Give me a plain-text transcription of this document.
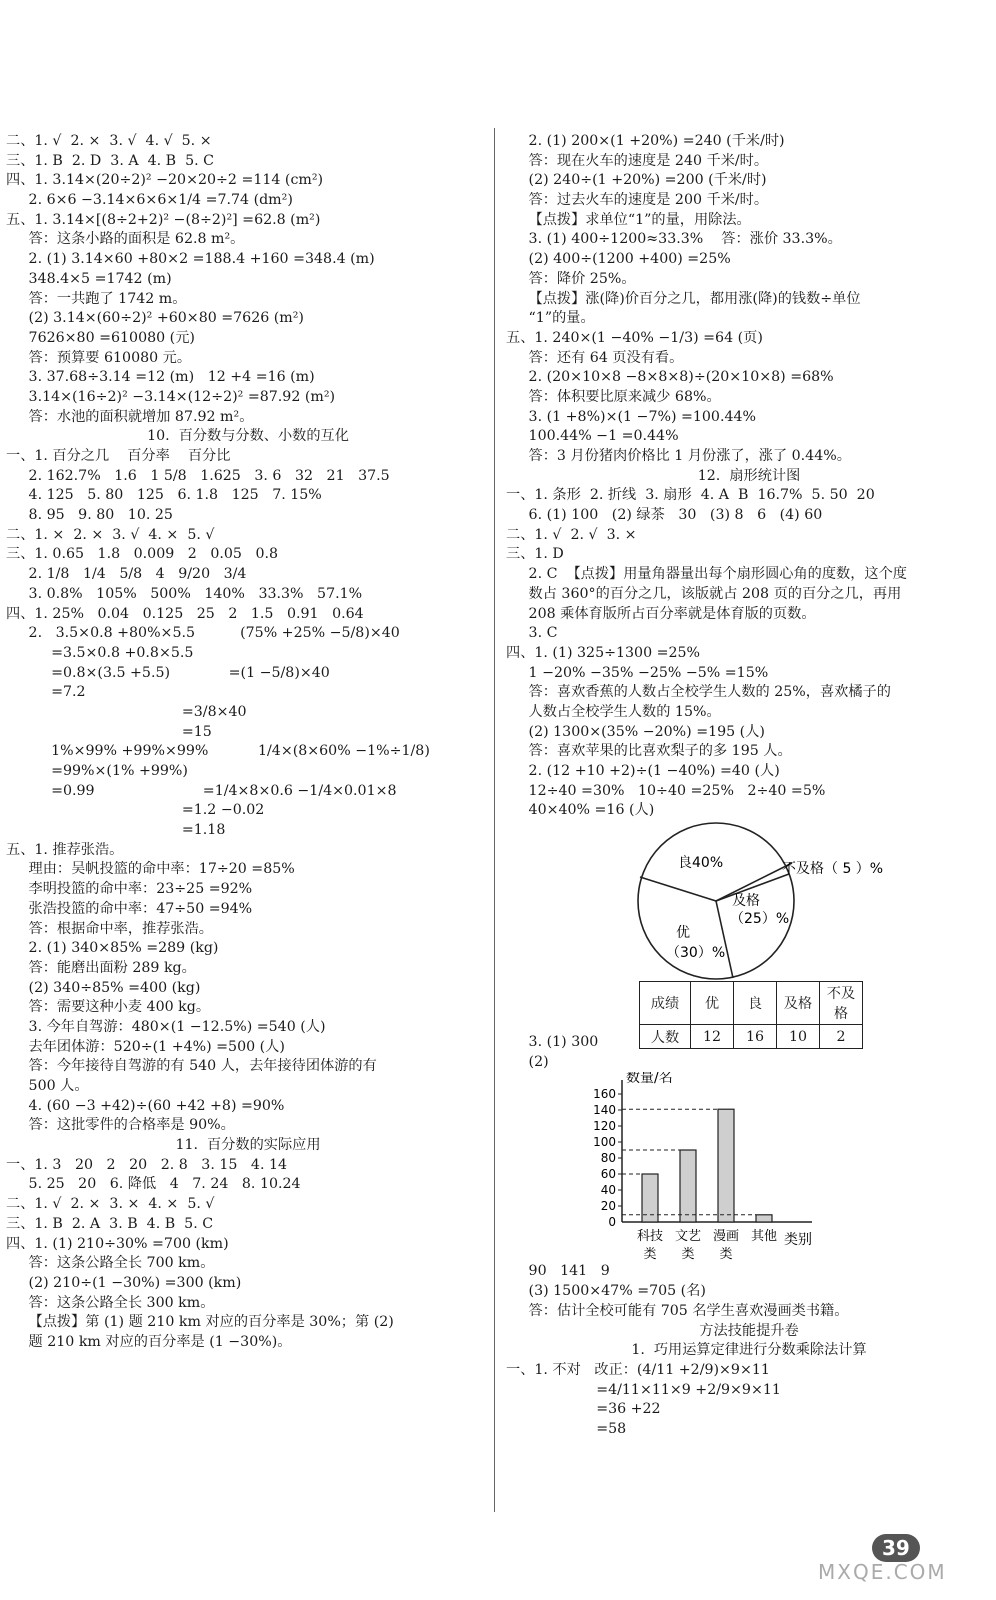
二、1. √  2. ×  3. √  4. √  5. ×
三、1. B  2. D  3. A  4. B  5. C
四、1. 3.14×(20÷2)² −20×20÷2 =114 (cm²)
2. 6×6 −3.14×6×6×1/4 =7.74 (dm²)
五、1. 3.14×[(8÷2+2)² −(8÷2)²] =62.8 (m²)
答：这条小路的面积是 62.8 m²。
2. (1) 3.14×60 +80×2 =188.4 +160 =348.4 (m)
348.4×5 =1742 (m)
答：一共跑了 1742 m。
(2) 3.14×(60÷2)² +60×80 =7626 (m²)
7626×80 =610080 (元)
答：预算要 610080 元。
3. 37.68÷3.14 =12 (m)   12 +4 =16 (m)
3.14×(16÷2)² −3.14×(12÷2)² =87.92 (m²)
答：水池的面积就增加 87.92 m²。
10.  百分数与分数、小数的互化
一、1. 百分之几    百分率    百分比
2. 162.7%   1.6   1 5/8   1.625   3. 6   32   21   37.5
4. 125   5. 80   125   6. 1.8   125   7. 15%
8. 95   9. 80   10. 25
二、1. ×  2. ×  3. √  4. ×  5. √
三、1. 0.65   1.8   0.009   2   0.05   0.8
2. 1/8   1/4   5/8   4   9/20   3/4
3. 0.8%   105%   500%   140%   33.3%   57.1%
四、1. 25%   0.04   0.125   25   2   1.5   0.91   0.64
2.   3.5×0.8 +80%×5.5          (75% +25% −5/8)×40
=3.5×0.8 +0.8×5.5
=0.8×(3.5 +5.5)             =(1 −5/8)×40
=7.2
=3/8×40
=15
1%×99% +99%×99%           1/4×(8×60% −1%÷1/8)
=99%×(1% +99%)
=0.99                        =1/4×8×0.6 −1/4×0.01×8
=1.2 −0.02
=1.18
五、1. 推荐张浩。
理由：吴帆投篮的命中率：17÷20 =85%
李明投篮的命中率：23÷25 =92%
张浩投篮的命中率：47÷50 =94%
答：根据命中率，推荐张浩。
2. (1) 340×85% =289 (kg)
答：能磨出面粉 289 kg。
(2) 340÷85% =400 (kg)
答：需要这种小麦 400 kg。
3. 今年自驾游：480×(1 −12.5%) =540 (人)
去年团体游：520÷(1 +4%) =500 (人)
答：今年接待自驾游的有 540 人，去年接待团体游的有
500 人。
4. (60 −3 +42)÷(60 +42 +8) =90%
答：这批零件的合格率是 90%。
11.  百分数的实际应用
一、1. 3   20   2   20   2. 8   3. 15   4. 14
5. 25   20   6. 降低   4   7. 24   8. 10.24
二、1. √  2. ×  3. ×  4. ×  5. √
三、1. B  2. A  3. B  4. B  5. C
四、1. (1) 210÷30% =700 (km)
答：这条公路全长 700 km。
(2) 210÷(1 −30%) =300 (km)
答：这条公路全长 300 km。
【点拨】第 (1) 题 210 km 对应的百分率是 30%；第 (2)
题 210 km 对应的百分率是 (1 −30%)。
2. (1) 200×(1 +20%) =240 (千米/时)
答：现在火车的速度是 240 千米/时。
(2) 240÷(1 +20%) =200 (千米/时)
答：过去火车的速度是 200 千米/时。
【点拨】求单位“1”的量，用除法。
3. (1) 400÷1200≈33.3%    答：涨价 33.3%。
(2) 400÷(1200 +400) =25%
答：降价 25%。
【点拨】涨(降)价百分之几，都用涨(降)的钱数÷单位
“1”的量。
五、1. 240×(1 −40% −1/3) =64 (页)
答：还有 64 页没有看。
2. (20×10×8 −8×8×8)÷(20×10×8) =68%
答：体积要比原来减少 68%。
3. (1 +8%)×(1 −7%) =100.44%
100.44% −1 =0.44%
答：3 月份猪肉价格比 1 月份涨了，涨了 0.44%。
12.  扇形统计图
一、1. 条形  2. 折线  3. 扇形  4. A  B  16.7%  5. 50  20
6. (1) 100   (2) 绿茶   30   (3) 8   6   (4) 60
二、1. √  2. √  3. ×
三、1. D
2. C  【点拨】用量角器量出每个扇形圆心角的度数，这个度
数占 360°的百分之几，该版就占 208 页的百分之几，再用
208 乘体育版所占百分率就是体育版的页数。
3. C
四、1. (1) 325÷1300 =25%
1 −20% −35% −25% −5% =15%
答：喜欢香蕉的人数占全校学生人数的 25%，喜欢橘子的
人数占全校学生人数的 15%。
(2) 1300×(35% −20%) =195 (人)
答：喜欢苹果的比喜欢梨子的多 195 人。
2. (12 +10 +2)÷(1 −40%) =40 (人)
12÷40 =30%   10÷40 =25%   2÷40 =5%
40×40% =16 (人)
良40%	不及格（ 5 ）%
及格
（25）%
优
（30）%
成绩	优	良	及格	不及格
人数	12	16	10	2
3. (1) 300
(2)
数量/名
类别
20
40
60
80
100
120
140
160
0
科技
类
文艺
类
漫画
类
其他
90   141   9
(3) 1500×47% =705 (名)
答：估计全校可能有 705 名学生喜欢漫画类书籍。
方法技能提升卷
1.  巧用运算定律进行分数乘除法计算
一、1. 不对   改正：(4/11 +2/9)×9×11
=4/11×11×9 +2/9×9×11
=36 +22
=58
39
MXQE.COM
